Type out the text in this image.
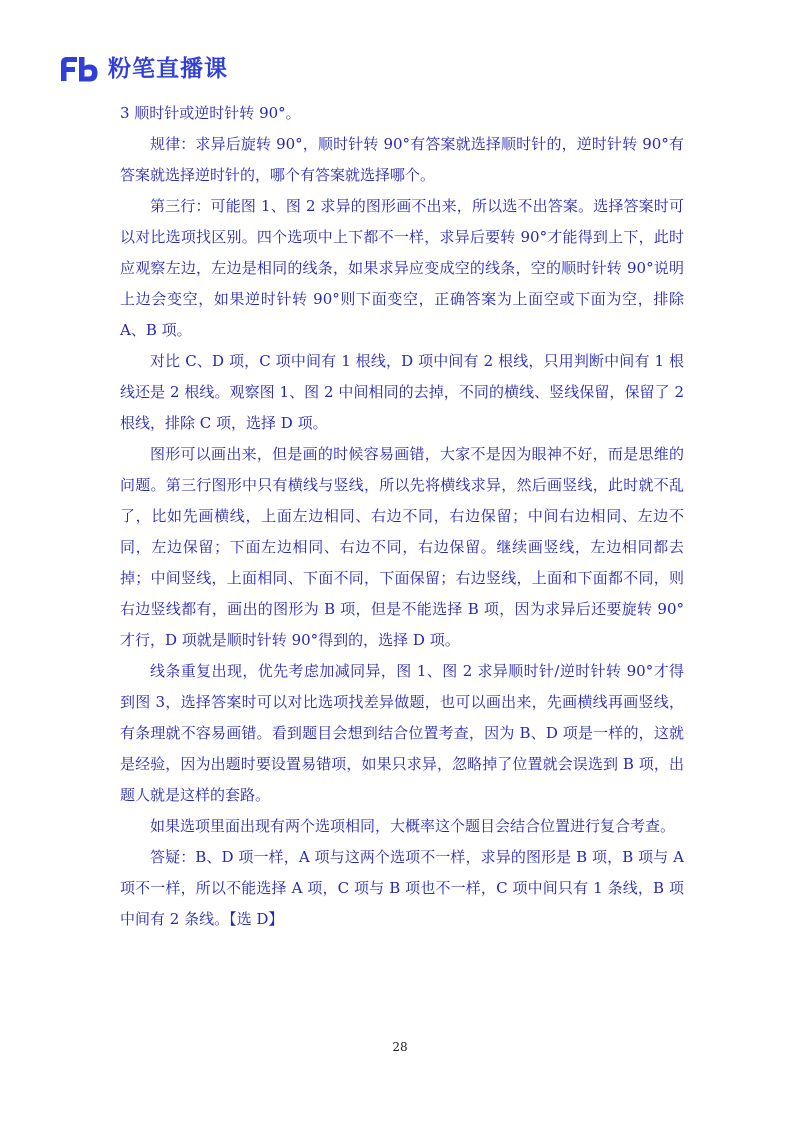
粉笔直播课

3 顺时针或逆时针转 90°。

规律：求异后旋转 90°，顺时针转 90°有答案就选择顺时针的，逆时针转 90°有答案就选择逆时针的，哪个有答案就选择哪个。

第三行：可能图 1、图 2 求异的图形画不出来，所以选不出答案。选择答案时可以对比选项找区别。四个选项中上下都不一样，求异后要转 90°才能得到上下，此时应观察左边，左边是相同的线条，如果求异应变成空的线条，空的顺时针转 90°说明上边会变空，如果逆时针转 90°则下面变空，正确答案为上面空或下面为空，排除 A、B 项。

对比 C、D 项，C 项中间有 1 根线，D 项中间有 2 根线，只用判断中间有 1 根线还是 2 根线。观察图 1、图 2 中间相同的去掉，不同的横线、竖线保留，保留了 2 根线，排除 C 项，选择 D 项。

图形可以画出来，但是画的时候容易画错，大家不是因为眼神不好，而是思维的问题。第三行图形中只有横线与竖线，所以先将横线求异，然后画竖线，此时就不乱了，比如先画横线，上面左边相同、右边不同，右边保留；中间右边相同、左边不同，左边保留；下面左边相同、右边不同，右边保留。继续画竖线，左边相同都去掉；中间竖线，上面相同、下面不同，下面保留；右边竖线，上面和下面都不同，则右边竖线都有，画出的图形为 B 项，但是不能选择 B 项，因为求异后还要旋转 90°才行，D 项就是顺时针转 90°得到的，选择 D 项。

线条重复出现，优先考虑加减同异，图 1、图 2 求异顺时针/逆时针转 90°才得到图 3，选择答案时可以对比选项找差异做题，也可以画出来，先画横线再画竖线，有条理就不容易画错。看到题目会想到结合位置考查，因为 B、D 项是一样的，这就是经验，因为出题时要设置易错项，如果只求异，忽略掉了位置就会误选到 B 项，出题人就是这样的套路。

如果选项里面出现有两个选项相同，大概率这个题目会结合位置进行复合考查。

答疑：B、D 项一样，A 项与这两个选项不一样，求异的图形是 B 项，B 项与 A 项不一样，所以不能选择 A 项，C 项与 B 项也不一样，C 项中间只有 1 条线，B 项中间有 2 条线。【选 D】

28
